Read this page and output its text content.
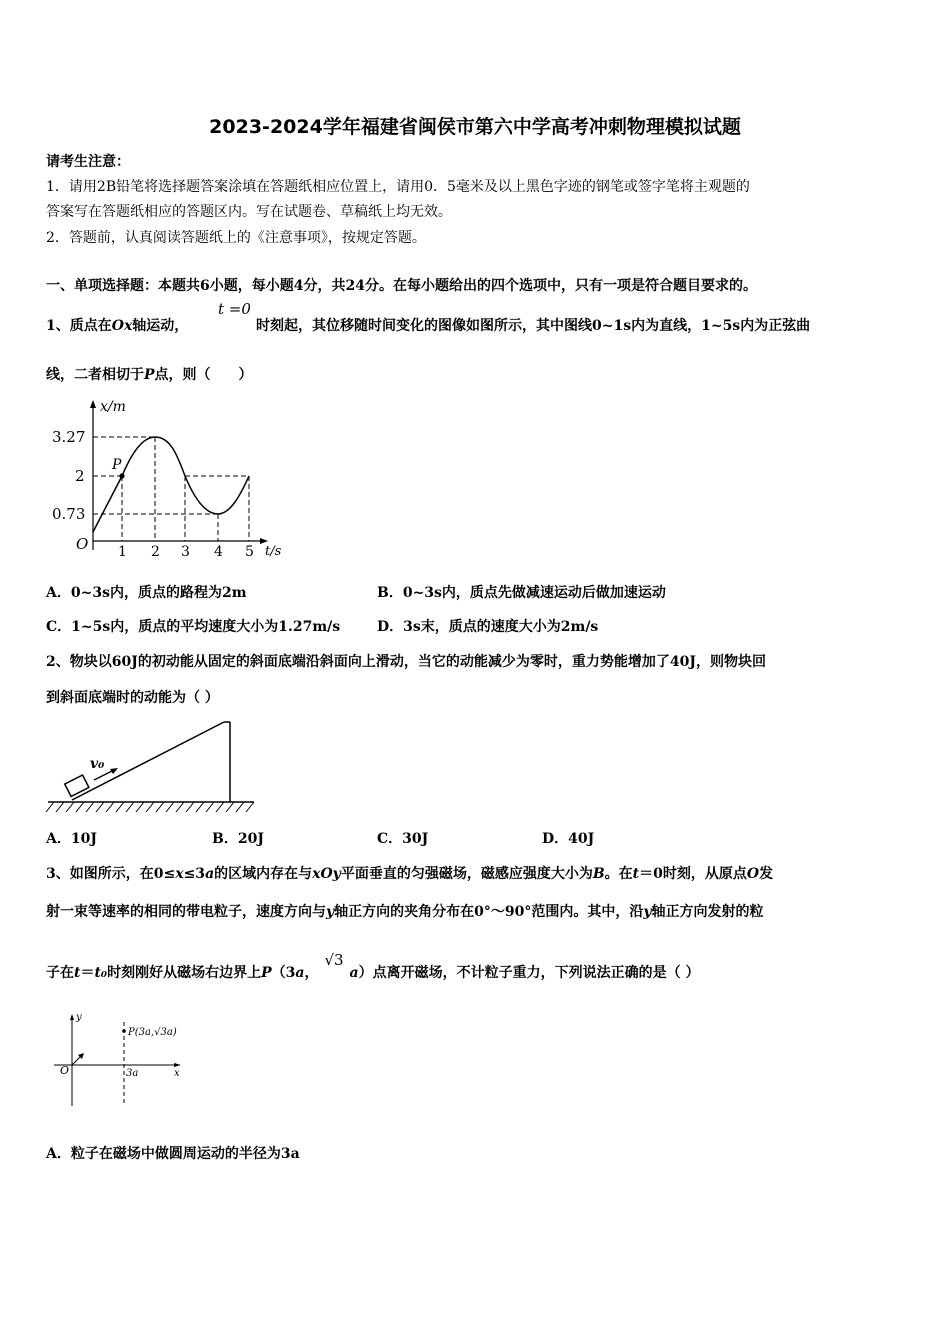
2023-2024学年福建省闽侯市第六中学高考冲刺物理模拟试题
请考生注意：
1．请用2B铅笔将选择题答案涂填在答题纸相应位置上，请用0．5毫米及以上黑色字迹的钢笔或签字笔将主观题的
答案写在答题纸相应的答题区内。写在试题卷、草稿纸上均无效。
2．答题前，认真阅读答题纸上的《注意事项》，按规定答题。
一、单项选择题：本题共6小题，每小题4分，共24分。在每小题给出的四个选项中，只有一项是符合题目要求的。
1、质点在Ox轴运动，
t =0
时刻起，其位移随时间变化的图像如图所示，其中图线0~1s内为直线，1~5s内为正弦曲
线，二者相切于P点，则（　　）
x/m
t/s
O
P
3.27
2
0.73
1 2 3 4 5
A．0~3s内，质点的路程为2m	B．0~3s内，质点先做减速运动后做加速运动
C．1~5s内，质点的平均速度大小为1.27m/s	D．3s末，质点的速度大小为2m/s
2、物块以60J的初动能从固定的斜面底端沿斜面向上滑动，当它的动能减少为零时，重力势能增加了40J，则物块回
到斜面底端时的动能为（ ）
v₀
A．10J	B．20J	C．30J	D．40J
3、如图所示，在0≤x≤3a的区域内存在与xOy平面垂直的匀强磁场，磁感应强度大小为B。在t＝0时刻，从原点O发
射一束等速率的相同的带电粒子，速度方向与y轴正方向的夹角分布在0°～90°范围内。其中，沿y轴正方向发射的粒
子在t＝t₀时刻刚好从磁场右边界上P（3a，√3a）点离开磁场，不计粒子重力，下列说法正确的是（ ）
y
x
O	3a
P(3a,√3a)
A．粒子在磁场中做圆周运动的半径为3a
